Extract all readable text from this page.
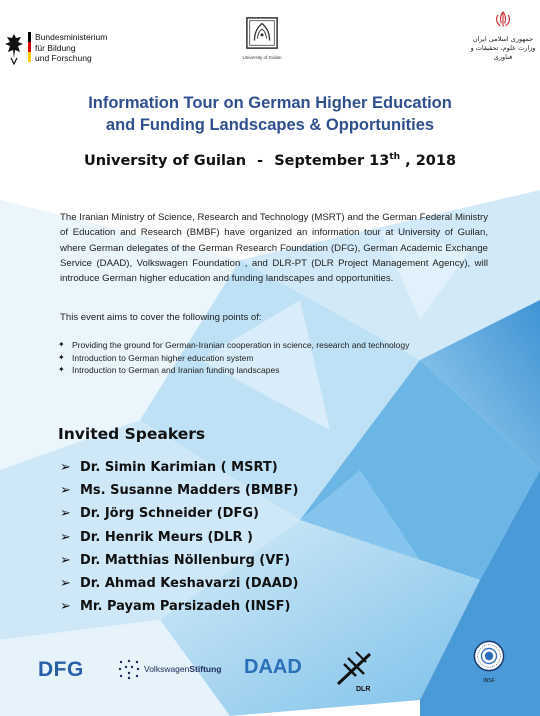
Bundesministerium
für Bildung
und Forschung	University of Guilan
جمهوری اسلامی ایران
وزارت علوم، تحقیقات و فناوری
Information Tour on German Higher Education
and Funding Landscapes & Opportunities
University of Guilan - September 13th , 2018
The Iranian Ministry of Science, Research and Technology (MSRT) and the German Federal Ministry of Education and Research (BMBF) have organized an information tour at University of Guilan, where German delegates of the German Research Foundation (DFG), German Academic Exchange Service (DAAD), Volkswagen Foundation , and DLR-PT (DLR Project Management Agency), will introduce German higher education and funding landscapes and opportunities.
This event aims to cover the following points of:
✦ Providing the ground for German-Iranian cooperation in science, research and technology
✦ Introduction to German higher education system
✦ Introduction to German and Iranian funding landscapes
Invited Speakers
➢ Dr. Simin Karimian ( MSRT)
➢ Ms. Susanne Madders (BMBF)
➢ Dr. Jörg Schneider (DFG)
➢ Dr. Henrik Meurs (DLR )
➢ Dr. Matthias Nöllenburg (VF)
➢ Dr. Ahmad Keshavarzi (DAAD)
➢ Mr. Payam Parsizadeh (INSF)
DFG	VolkswagenStiftung DAAD
DLR
INSF
